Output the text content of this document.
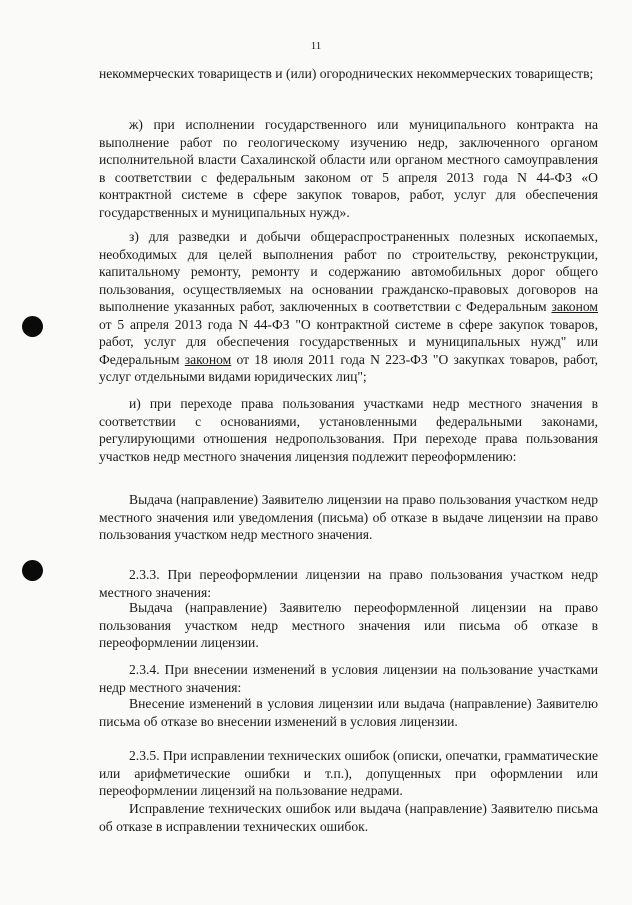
11

некоммерческих товариществ и (или) огороднических некоммерческих товариществ;

ж) при исполнении государственного или муниципального контракта на выполнение работ по геологическому изучению недр, заключенного органом исполнительной власти Сахалинской области или органом местного самоуправления в соответствии с федеральным законом от 5 апреля 2013 года N 44-ФЗ «О контрактной системе в сфере закупок товаров, работ, услуг для обеспечения государственных и муниципальных нужд».

з) для разведки и добычи общераспространенных полезных ископаемых, необходимых для целей выполнения работ по строительству, реконструкции, капитальному ремонту, ремонту и содержанию автомобильных дорог общего пользования, осуществляемых на основании гражданско-правовых договоров на выполнение указанных работ, заключенных в соответствии с Федеральным законом от 5 апреля 2013 года N 44-ФЗ "О контрактной системе в сфере закупок товаров, работ, услуг для обеспечения государственных и муниципальных нужд" или Федеральным законом от 18 июля 2011 года N 223-ФЗ "О закупках товаров, работ, услуг отдельными видами юридических лиц";

и) при переходе права пользования участками недр местного значения в соответствии с основаниями, установленными федеральными законами, регулирующими отношения недропользования. При переходе права пользования участков недр местного значения лицензия подлежит переоформлению:

Выдача (направление) Заявителю лицензии на право пользования участком недр местного значения или уведомления (письма) об отказе в выдаче лицензии на право пользования участком недр местного значения.

2.3.3. При переоформлении лицензии на право пользования участком недр местного значения:

Выдача (направление) Заявителю переоформленной лицензии на право пользования участком недр местного значения или письма об отказе в переоформлении лицензии.

2.3.4. При внесении изменений в условия лицензии на пользование участками недр местного значения:

Внесение изменений в условия лицензии или выдача (направление) Заявителю письма об отказе во внесении изменений в условия лицензии.

2.3.5. При исправлении технических ошибок (описки, опечатки, грамматические или арифметические ошибки и т.п.), допущенных при оформлении или переоформлении лицензий на пользование недрами.

Исправление технических ошибок или выдача (направление) Заявителю письма об отказе в исправлении технических ошибок.
